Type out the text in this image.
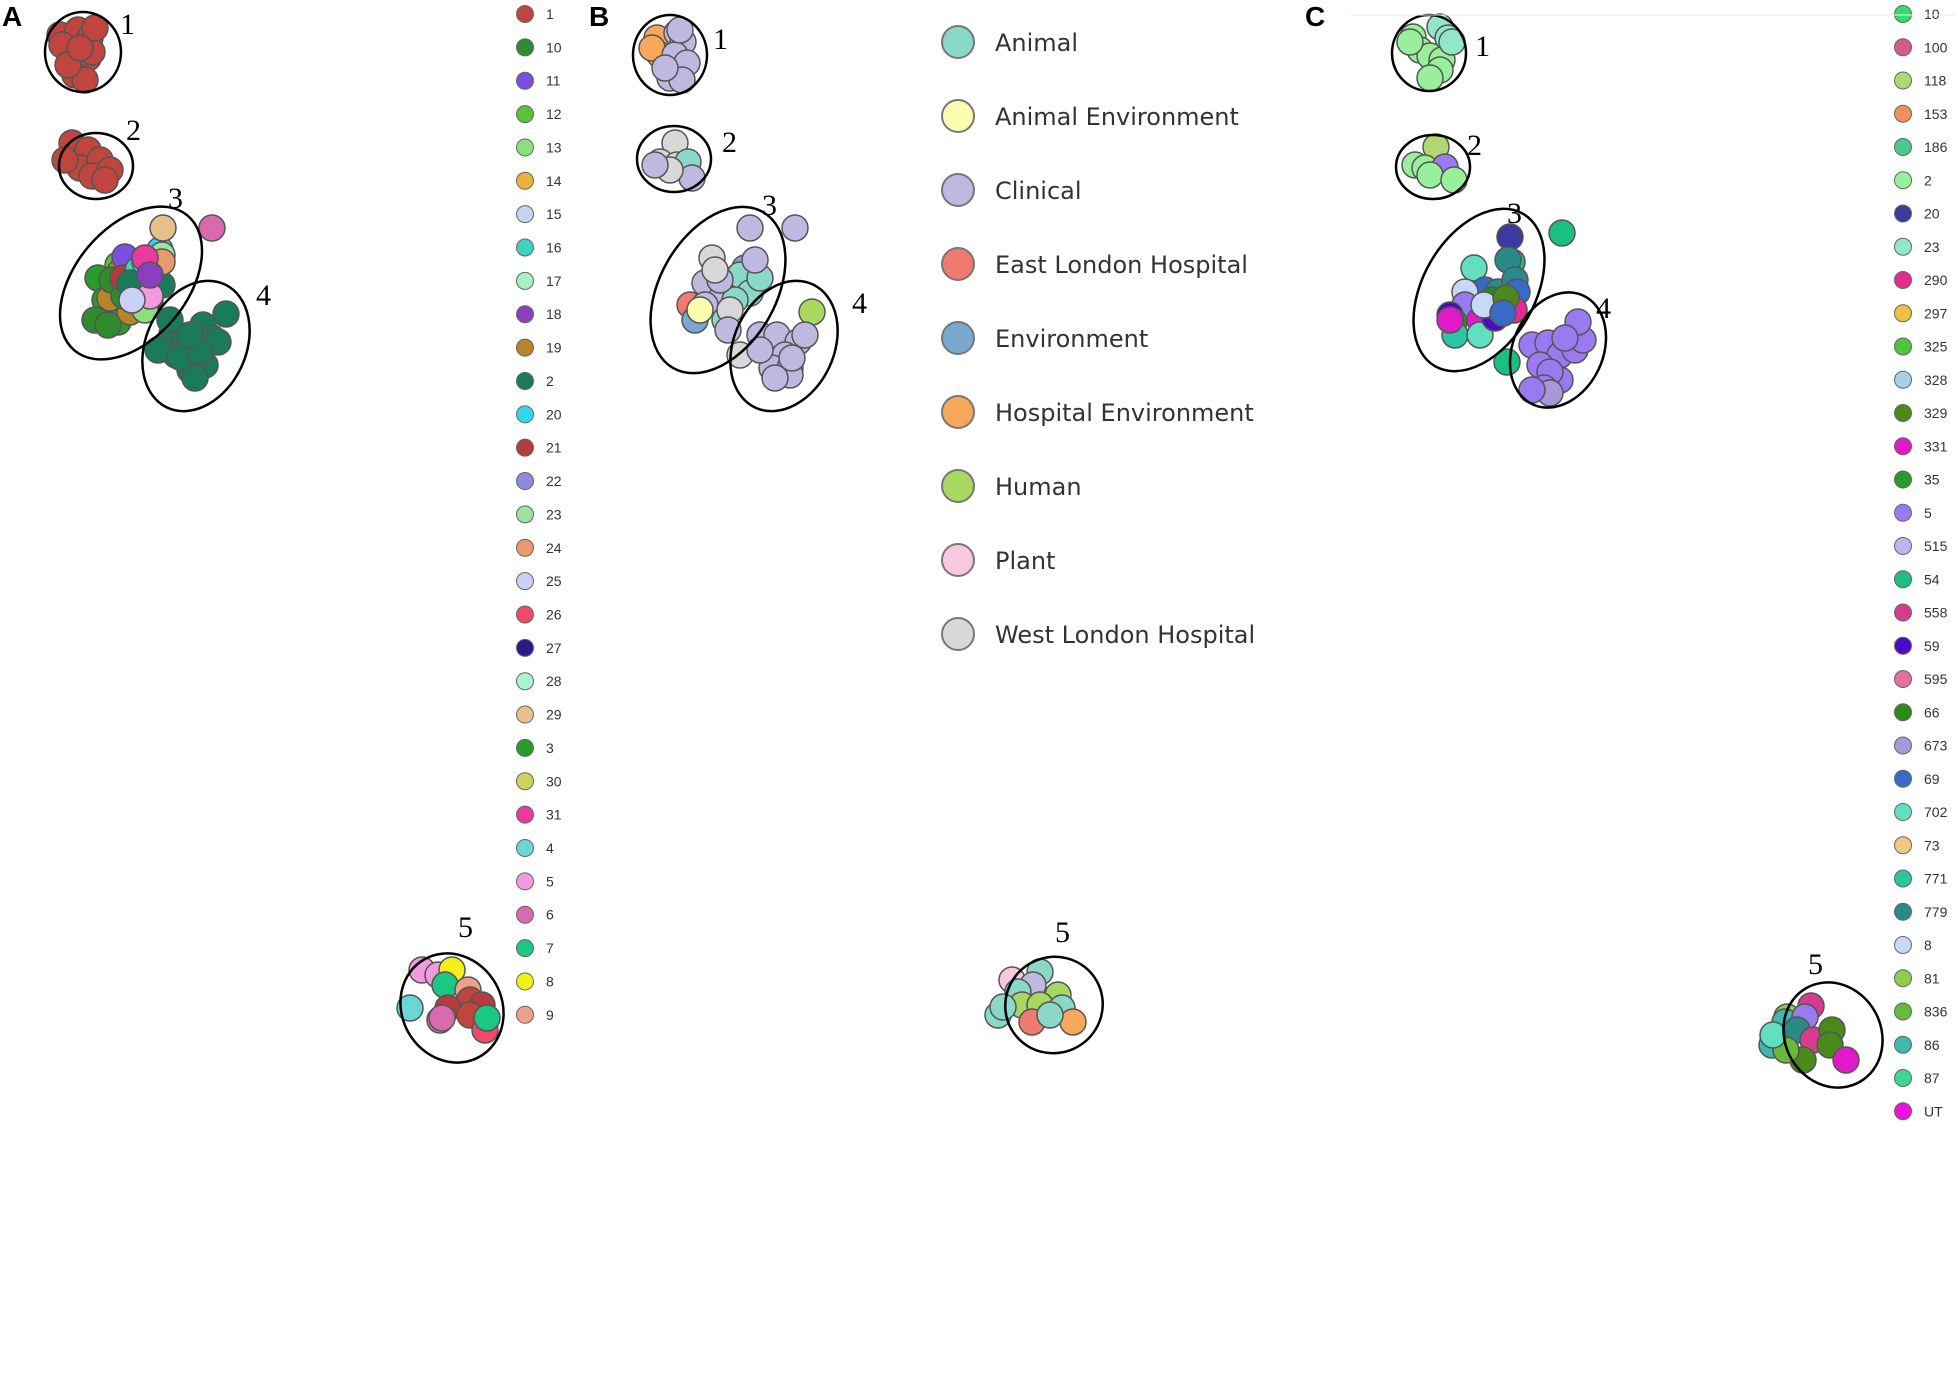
A	B	C
1
2
3
4
5
1
2
3
4
5
1
2
3
4
5
1
10
11
12
13
14
15
16
17
18
19
2
20
21
22
23
24
25
26
27
28
29
3
30
31
4
5
6
7
8
9
10
100
118
153
186
2
20
23
290
297
325
328
329
331
35
5
515
54
558
59
595
66
673
69
702
73
771
779
8
81
836
86
87
UT
Animal
Animal Environment
Clinical
East London Hospital
Environment
Hospital Environment
Human
Plant
West London Hospital
